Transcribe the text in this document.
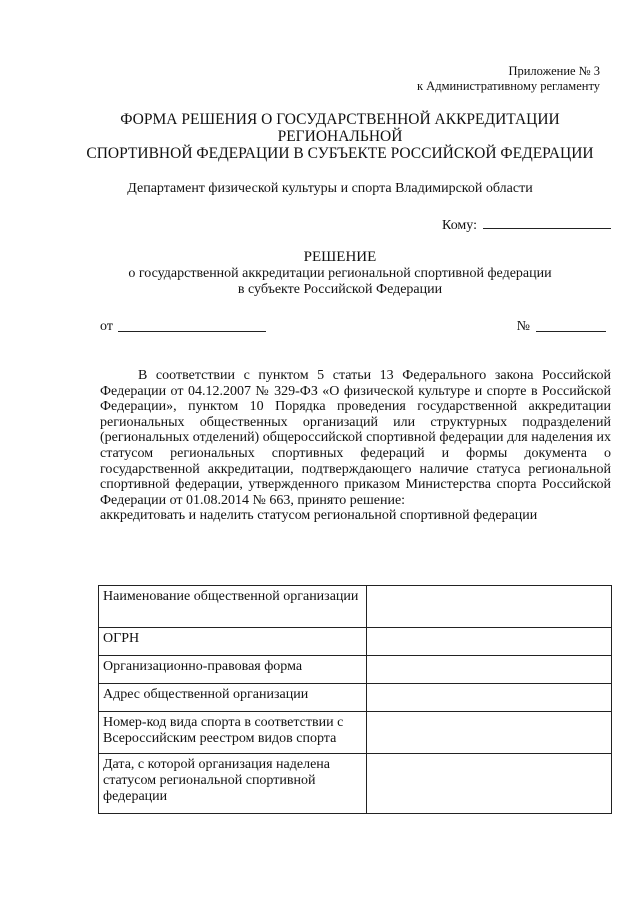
Приложение № 3
к Административному регламенту
ФОРМА РЕШЕНИЯ О ГОСУДАРСТВЕННОЙ АККРЕДИТАЦИИ
РЕГИОНАЛЬНОЙ
СПОРТИВНОЙ ФЕДЕРАЦИИ В СУБЪЕКТЕ РОССИЙСКОЙ ФЕДЕРАЦИИ
Департамент физической культуры и спорта Владимирской области
Кому:
РЕШЕНИЕ
о государственной аккредитации региональной спортивной федерации
в субъекте Российской Федерации
от	№

В соответствии с пунктом 5 статьи 13 Федерального закона Российской Федерации от 04.12.2007 № 329-ФЗ «О физической культуре и спорте в Российской Федерации», пунктом 10 Порядка проведения государственной аккредитации региональных общественных организаций или структурных подразделений (региональных отделений) общероссийской спортивной федерации для наделения их статусом региональных спортивных федераций и формы документа о государственной аккредитации, подтверждающего наличие статуса региональной спортивной федерации, утвержденного приказом Министерства спорта Российской Федерации от 01.08.2014 № 663, принято решение:

аккредитовать и наделить статусом региональной спортивной федерации

Наименование общественной организации	
ОГРН	
Организационно-правовая форма	
Адрес общественной организации	
Номер-код вида спорта в соответствии с Всероссийским реестром видов спорта	
Дата, с которой организация наделена статусом региональной спортивной федерации	
